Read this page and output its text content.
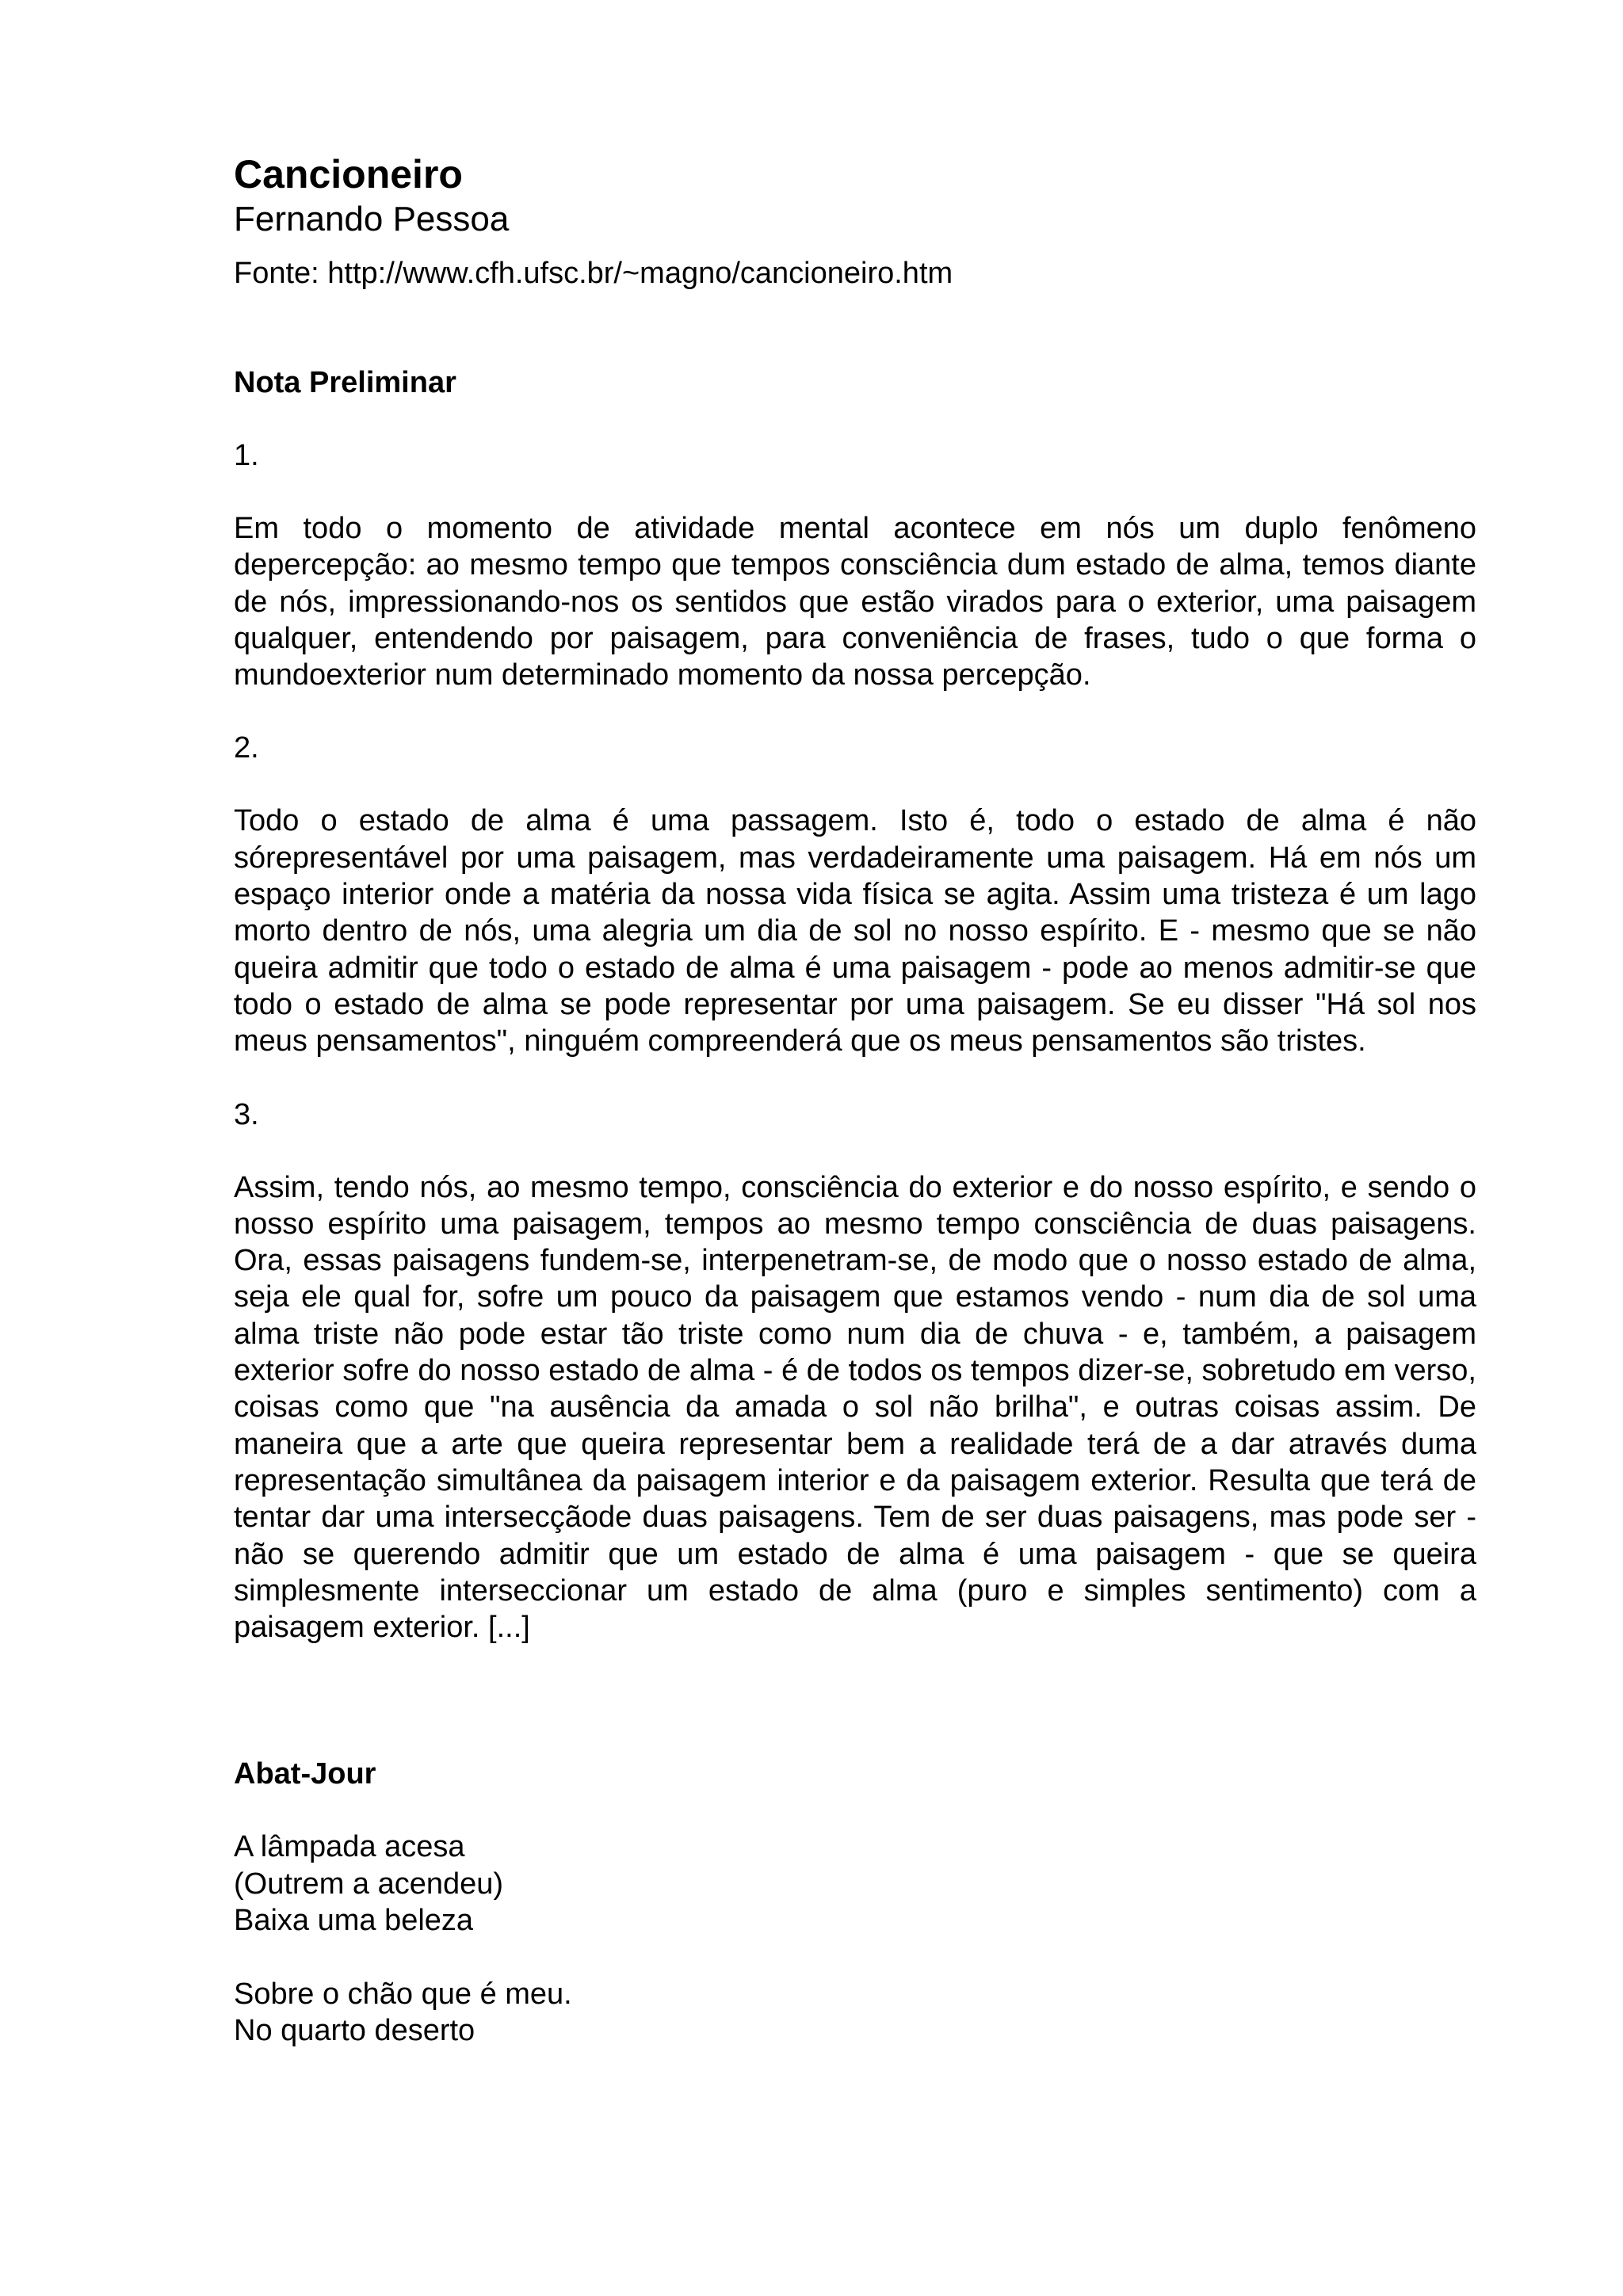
Cancioneiro

Fernando Pessoa

Fonte: http://www.cfh.ufsc.br/~magno/cancioneiro.htm

Nota Preliminar

1.

Em todo o momento de atividade mental acontece em nós um duplo fenômeno depercepção: ao mesmo tempo que tempos consciência dum estado de alma, temos diante de nós, impressionando-nos os sentidos que estão virados para o exterior, uma paisagem qualquer, entendendo por paisagem, para conveniência de frases, tudo o que forma o mundoexterior num determinado momento da nossa percepção.

2.

Todo o estado de alma é uma passagem. Isto é, todo o estado de alma é não sórepresentável por uma paisagem, mas verdadeiramente uma paisagem. Há em nós um espaço interior onde a matéria da nossa vida física se agita. Assim uma tristeza é um lago morto dentro de nós, uma alegria um dia de sol no nosso espírito. E - mesmo que se não queira admitir que todo o estado de alma é uma paisagem - pode ao menos admitir-se que todo o estado de alma se pode representar por uma paisagem. Se eu disser "Há sol nos meus pensamentos", ninguém compreenderá que os meus pensamentos são tristes.

3.

Assim, tendo nós, ao mesmo tempo, consciência do exterior e do nosso espírito, e sendo o nosso espírito uma paisagem, tempos ao mesmo tempo consciência de duas paisagens. Ora, essas paisagens fundem-se, interpenetram-se, de modo que o nosso estado de alma, seja ele qual for, sofre um pouco da paisagem que estamos vendo - num dia de sol uma alma triste não pode estar tão triste como num dia de chuva - e, também, a paisagem exterior sofre do nosso estado de alma - é de todos os tempos dizer-se, sobretudo em verso, coisas como que "na ausência da amada o sol não brilha", e outras coisas assim. De maneira que a arte que queira representar bem a realidade terá de a dar através duma representação simultânea da paisagem interior e da paisagem exterior. Resulta que terá de tentar dar uma intersecçãode duas paisagens. Tem de ser duas paisagens, mas pode ser - não se querendo admitir que um estado de alma é uma paisagem - que se queira simplesmente interseccionar um estado de alma (puro e simples sentimento) com a paisagem exterior. [...]

Abat-Jour
A lâmpada acesa
(Outrem a acendeu)
Baixa uma beleza
Sobre o chão que é meu.
No quarto deserto
